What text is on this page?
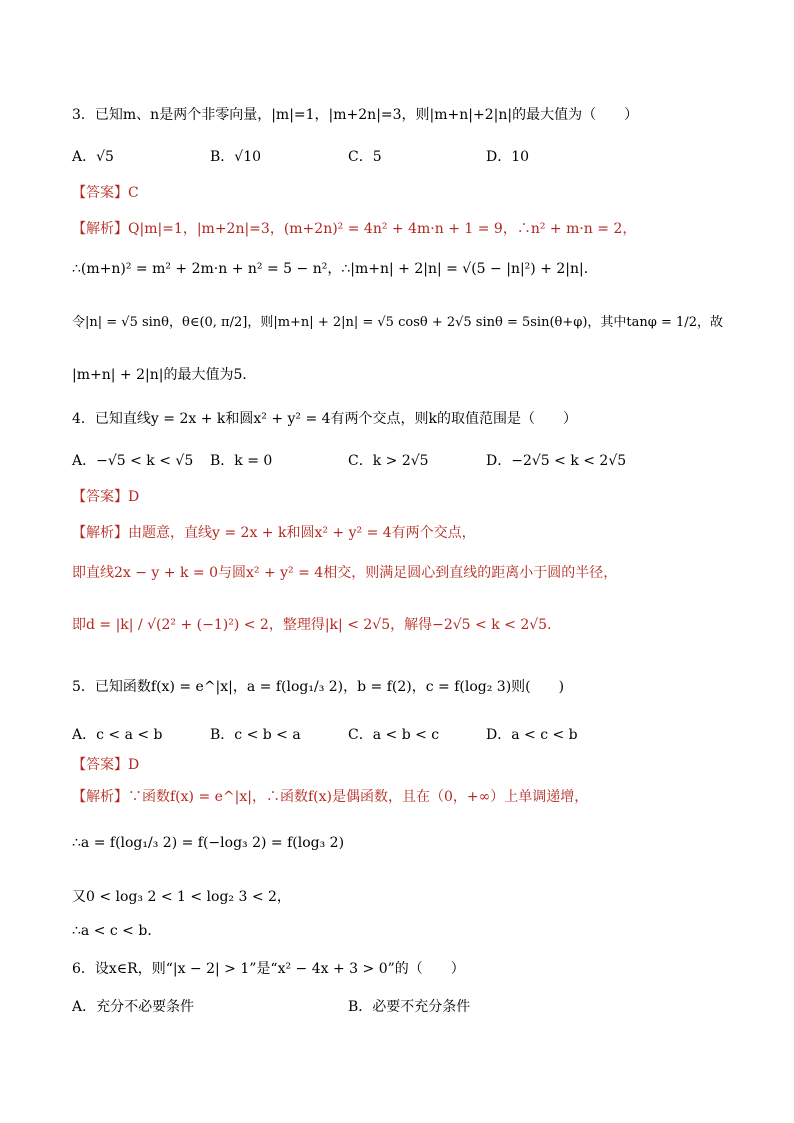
3．已知m、n是两个非零向量，|m|=1，|m+2n|=3，则|m+n|+2|n|的最大值为（　　）
A．√5	B．√10	C．5	D．10
【答案】C
【解析】Q|m|=1，|m+2n|=3，(m+2n)² = 4n² + 4m·n + 1 = 9，∴n² + m·n = 2，
∴(m+n)² = m² + 2m·n + n² = 5 − n²，∴|m+n| + 2|n| = √(5 − |n|²) + 2|n|．
令|n| = √5 sinθ，θ∈(0, π/2]，则|m+n| + 2|n| = √5 cosθ + 2√5 sinθ = 5sin(θ+φ)，其中tanφ = 1/2，故
|m+n| + 2|n|的最大值为5．
4．已知直线y = 2x + k和圆x² + y² = 4有两个交点，则k的取值范围是（　　）
A．−√5 < k < √5	B．k = 0	C．k > 2√5	D．−2√5 < k < 2√5
【答案】D
【解析】由题意，直线y = 2x + k和圆x² + y² = 4有两个交点，
即直线2x − y + k = 0与圆x² + y² = 4相交，则满足圆心到直线的距离小于圆的半径，
即d = |k| / √(2² + (−1)²) < 2，整理得|k| < 2√5，解得−2√5 < k < 2√5．
5．已知函数f(x) = e^|x|，a = f(log₁/₃ 2)，b = f(2)，c = f(log₂ 3)则(　　)
A．c < a < b	B．c < b < a	C．a < b < c	D．a < c < b
【答案】D
【解析】∵函数f(x) = e^|x|，∴函数f(x)是偶函数，且在（0，+∞）上单调递增，
∴a = f(log₁/₃ 2) = f(−log₃ 2) = f(log₃ 2)
又0 < log₃ 2 < 1 < log₂ 3 < 2，
∴a < c < b．
6．设x∈R，则“|x − 2| > 1”是“x² − 4x + 3 > 0”的（　　）
A．充分不必要条件	B．必要不充分条件
